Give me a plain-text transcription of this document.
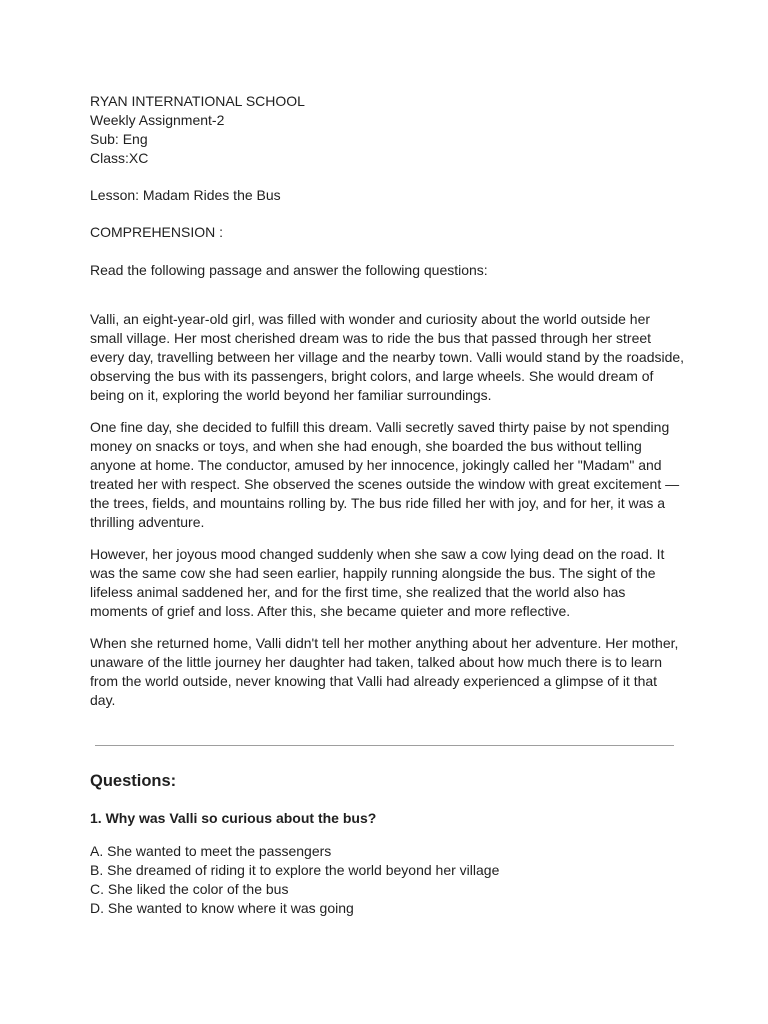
RYAN INTERNATIONAL SCHOOL
Weekly Assignment-2
Sub: Eng
Class:XC
Lesson: Madam Rides the Bus
COMPREHENSION :
Read the following passage and answer the following questions:
Valli, an eight-year-old girl, was filled with wonder and curiosity about the world outside her
small village. Her most cherished dream was to ride the bus that passed through her street
every day, travelling between her village and the nearby town. Valli would stand by the roadside,
observing the bus with its passengers, bright colors, and large wheels. She would dream of
being on it, exploring the world beyond her familiar surroundings.
One fine day, she decided to fulfill this dream. Valli secretly saved thirty paise by not spending
money on snacks or toys, and when she had enough, she boarded the bus without telling
anyone at home. The conductor, amused by her innocence, jokingly called her "Madam" and
treated her with respect. She observed the scenes outside the window with great excitement —
the trees, fields, and mountains rolling by. The bus ride filled her with joy, and for her, it was a
thrilling adventure.
However, her joyous mood changed suddenly when she saw a cow lying dead on the road. It
was the same cow she had seen earlier, happily running alongside the bus. The sight of the
lifeless animal saddened her, and for the first time, she realized that the world also has
moments of grief and loss. After this, she became quieter and more reflective.
When she returned home, Valli didn't tell her mother anything about her adventure. Her mother,
unaware of the little journey her daughter had taken, talked about how much there is to learn
from the world outside, never knowing that Valli had already experienced a glimpse of it that
day.
Questions:
1. Why was Valli so curious about the bus?
A. She wanted to meet the passengers
B. She dreamed of riding it to explore the world beyond her village
C. She liked the color of the bus
D. She wanted to know where it was going
